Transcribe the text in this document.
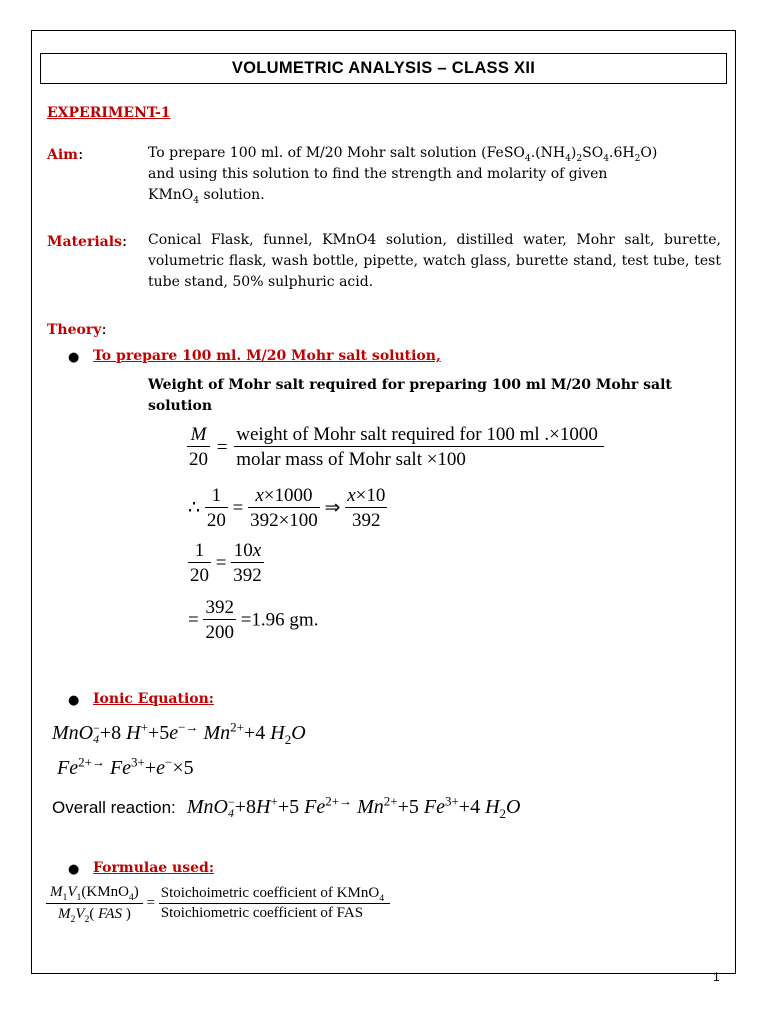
VOLUMETRIC ANALYSIS – CLASS XII
EXPERIMENT-1
Aim:	To prepare 100 ml. of M/20 Mohr salt solution $(FeSO_4.(NH_4)_2SO_4.6H_2O)$
and using this solution to find the strength and molarity of given
KMnO$_4$ solution.
Materials: Conical Flask, funnel, KMnO4 solution, distilled water, Mohr salt, burette, volumetric flask, wash bottle, pipette, watch glass, burette stand, test tube, test tube stand, 50% sulphuric acid.
Theory:
● To prepare 100 ml. M/20 Mohr salt solution,
Weight of Mohr salt required for preparing 100 ml M/20 Mohr salt solution
$\frac{M}{20} = \frac{\text{weight of Mohr salt required for 100 ml .×1000}}{\text{molar mass of Mohr salt ×100}}$
∴ $\frac{1}{20} = \frac{x\times 1000}{392\times 100}$ ⇒ $\frac{x\times 10}{392}$
$\frac{1}{20} = \frac{10x}{392}$
= $\frac{392}{200} =1.96$ gm.
● Ionic Equation:
MnO −
4 +8 H++5e−→ $Mn^{2+}+4$ $H_2O$
$Fe^{2+\to}$ $Fe^{3+}+e^-\times 5$
Overall reaction: MnO −
4 +8H++5 $Fe^{2+\to}$ $Mn^{2+}+5$ $Fe^{3+}+4$ $H_2O$
● Formulae used:
$\frac{M_1V_1(KMnO_4)}{M_2V_2( FAS )} = \frac{Stoichoimetric coefficient of KMnO_4}{\text{Stoichiometric coefficient of FAS}}$
1
